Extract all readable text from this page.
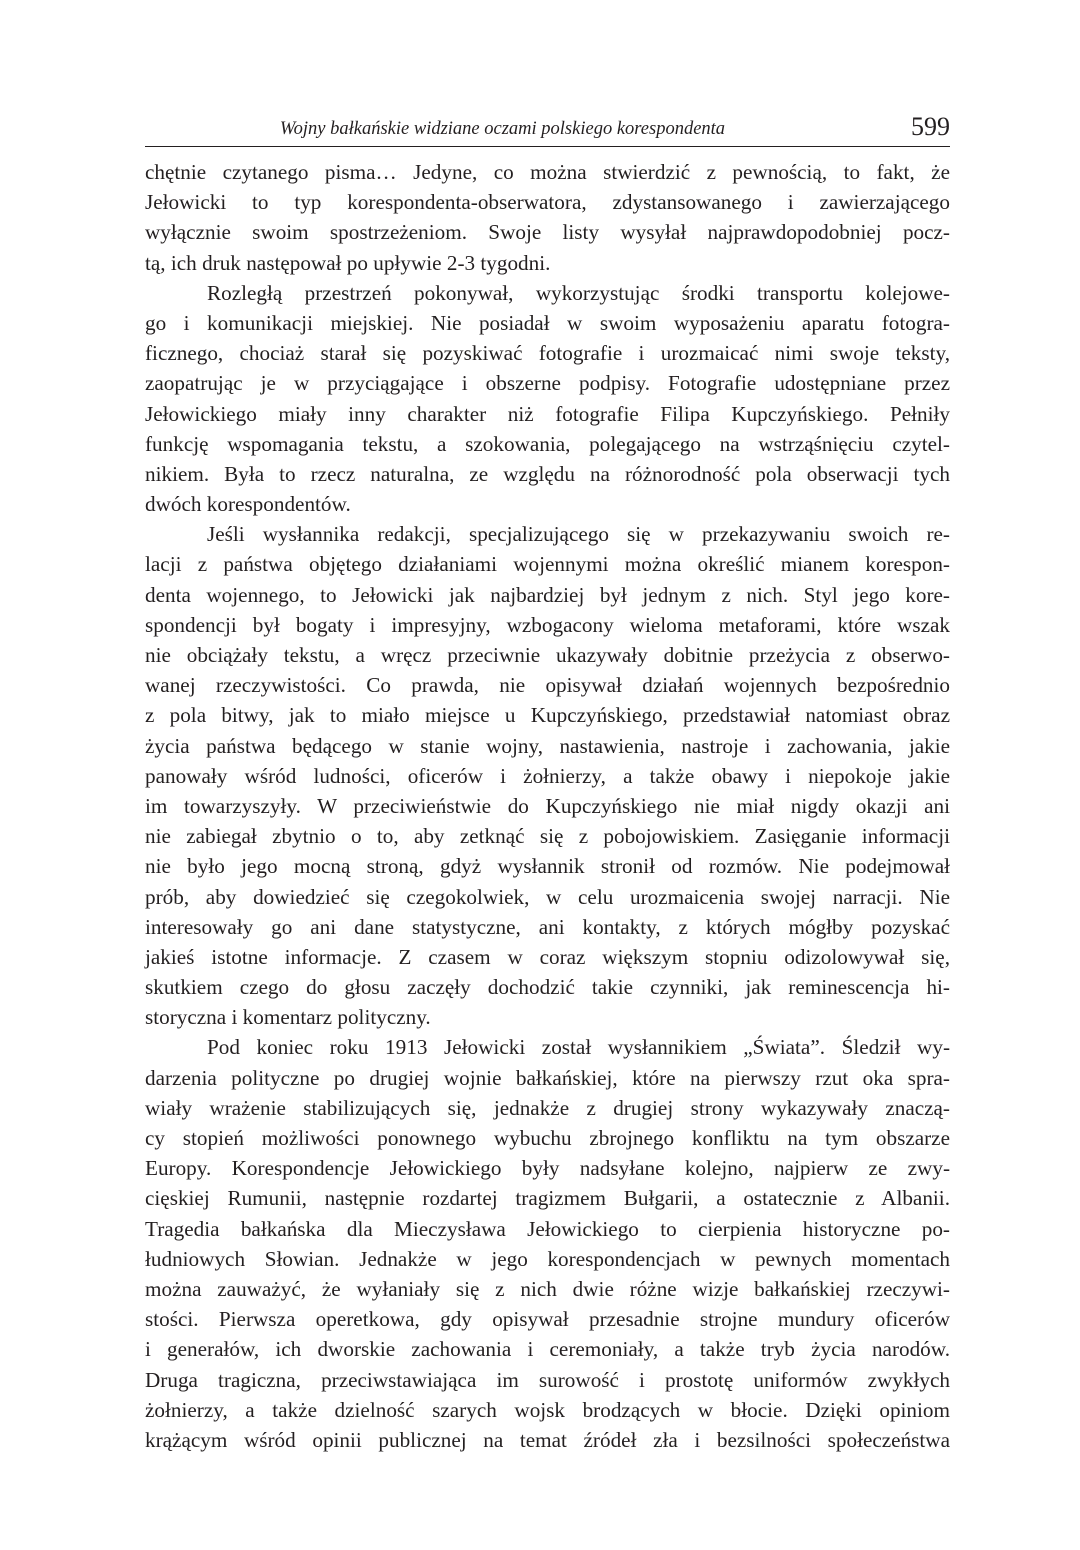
Wojny bałkańskie widziane oczami polskiego korespondenta	599
chętnie czytanego pisma… Jedyne, co można stwierdzić z pewnością, to fakt, że
Jełowicki to typ korespondenta-obserwatora, zdystansowanego i zawierzającego
wyłącznie swoim spostrzeżeniom. Swoje listy wysyłał najprawdopodobniej pocz-
tą, ich druk następował po upływie 2-3 tygodni.
Rozległą przestrzeń pokonywał, wykorzystując środki transportu kolejowe-
go i komunikacji miejskiej. Nie posiadał w swoim wyposażeniu aparatu fotogra-
ficznego, chociaż starał się pozyskiwać fotografie i urozmaicać nimi swoje teksty,
zaopatrując je w przyciągające i obszerne podpisy. Fotografie udostępniane przez
Jełowickiego miały inny charakter niż fotografie Filipa Kupczyńskiego. Pełniły
funkcję wspomagania tekstu, a szokowania, polegającego na wstrząśnięciu czytel-
nikiem. Była to rzecz naturalna, ze względu na różnorodność pola obserwacji tych
dwóch korespondentów.
Jeśli wysłannika redakcji, specjalizującego się w przekazywaniu swoich re-
lacji z państwa objętego działaniami wojennymi można określić mianem korespon-
denta wojennego, to Jełowicki jak najbardziej był jednym z nich. Styl jego kore-
spondencji był bogaty i impresyjny, wzbogacony wieloma metaforami, które wszak
nie obciążały tekstu, a wręcz przeciwnie ukazywały dobitnie przeżycia z obserwo-
wanej rzeczywistości. Co prawda, nie opisywał działań wojennych bezpośrednio
z pola bitwy, jak to miało miejsce u Kupczyńskiego, przedstawiał natomiast obraz
życia państwa będącego w stanie wojny, nastawienia, nastroje i zachowania, jakie
panowały wśród ludności, oficerów i żołnierzy, a także obawy i niepokoje jakie
im towarzyszyły. W przeciwieństwie do Kupczyńskiego nie miał nigdy okazji ani
nie zabiegał zbytnio o to, aby zetknąć się z pobojowiskiem. Zasięganie informacji
nie było jego mocną stroną, gdyż wysłannik stronił od rozmów. Nie podejmował
prób, aby dowiedzieć się czegokolwiek, w celu urozmaicenia swojej narracji. Nie
interesowały go ani dane statystyczne, ani kontakty, z których mógłby pozyskać
jakieś istotne informacje. Z czasem w coraz większym stopniu odizolowywał się,
skutkiem czego do głosu zaczęły dochodzić takie czynniki, jak reminescencja hi-
storyczna i komentarz polityczny.
Pod koniec roku 1913 Jełowicki został wysłannikiem „Świata”. Śledził wy-
darzenia polityczne po drugiej wojnie bałkańskiej, które na pierwszy rzut oka spra-
wiały wrażenie stabilizujących się, jednakże z drugiej strony wykazywały znaczą-
cy stopień możliwości ponownego wybuchu zbrojnego konfliktu na tym obszarze
Europy. Korespondencje Jełowickiego były nadsyłane kolejno, najpierw ze zwy-
cięskiej Rumunii, następnie rozdartej tragizmem Bułgarii, a ostatecznie z Albanii.
Tragedia bałkańska dla Mieczysława Jełowickiego to cierpienia historyczne po-
łudniowych Słowian. Jednakże w jego korespondencjach w pewnych momentach
można zauważyć, że wyłaniały się z nich dwie różne wizje bałkańskiej rzeczywi-
stości. Pierwsza operetkowa, gdy opisywał przesadnie strojne mundury oficerów
i generałów, ich dworskie zachowania i ceremoniały, a także tryb życia narodów.
Druga tragiczna, przeciwstawiająca im surowość i prostotę uniformów zwykłych
żołnierzy, a także dzielność szarych wojsk brodzących w błocie. Dzięki opiniom
krążącym wśród opinii publicznej na temat źródeł zła i bezsilności społeczeństwa
